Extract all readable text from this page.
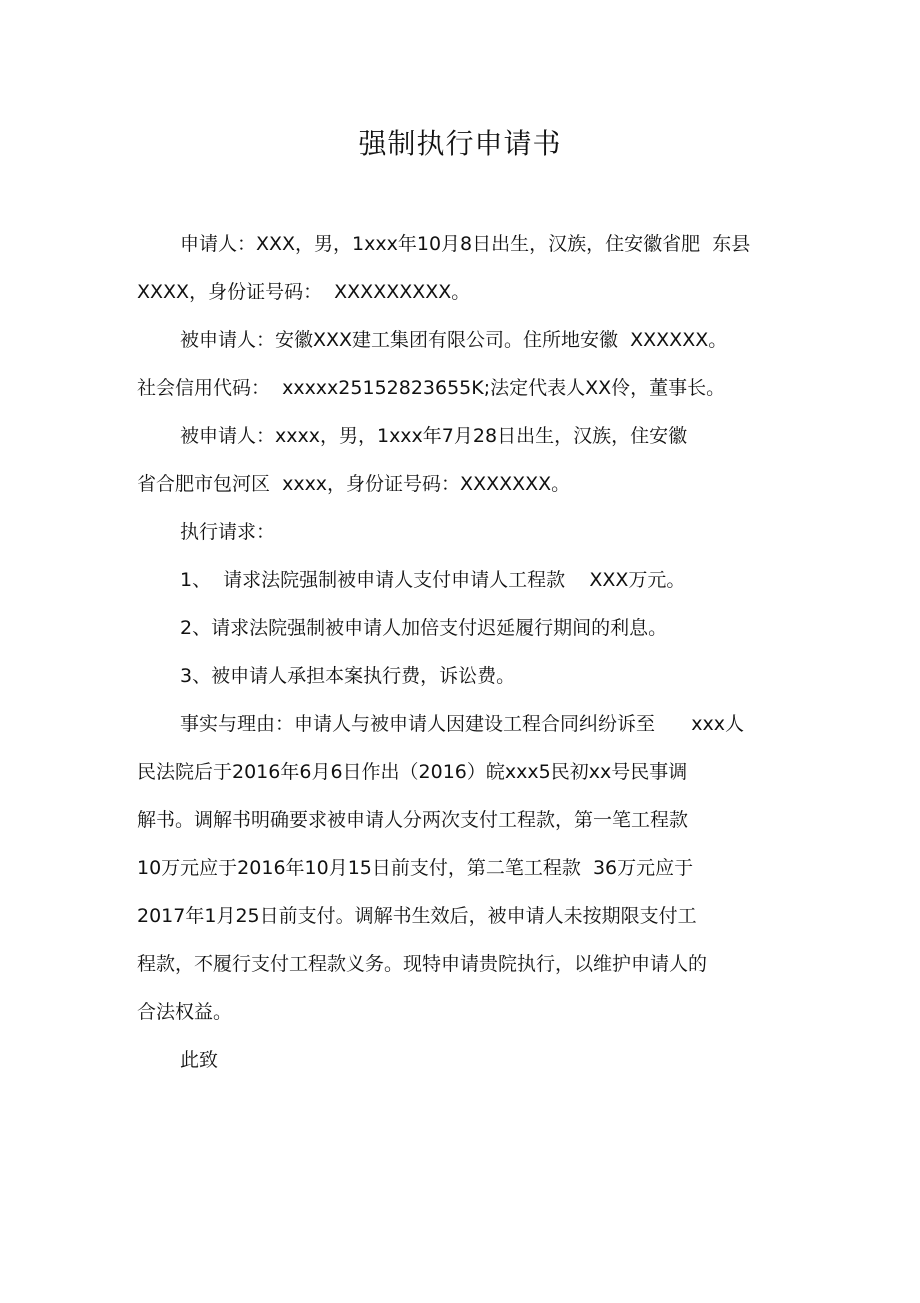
强制执行申请书
申请人：XXX，男，1xxx年10月8日出生，汉族，住安徽省肥  东县
XXXX，身份证号码：  XXXXXXXXX。
被申请人：安徽XXX建工集团有限公司。住所地安徽  XXXXXX。
社会信用代码：  xxxxx25152823655K;法定代表人XX伶，董事长。
被申请人：xxxx，男，1xxx年7月28日出生，汉族，住安徽
省合肥市包河区  xxxx，身份证号码：XXXXXXX。
执行请求：
1、  请求法院强制被申请人支付申请人工程款    XXX万元。
2、请求法院强制被申请人加倍支付迟延履行期间的利息。
3、被申请人承担本案执行费，诉讼费。
事实与理由：申请人与被申请人因建设工程合同纠纷诉至      xxx人
民法院后于2016年6月6日作出（2016）皖xxx5民初xx号民事调
解书。调解书明确要求被申请人分两次支付工程款，第一笔工程款
10万元应于2016年10月15日前支付，第二笔工程款  36万元应于
2017年1月25日前支付。调解书生效后，被申请人未按期限支付工
程款，不履行支付工程款义务。现特申请贵院执行，以维护申请人的
合法权益。
此致
